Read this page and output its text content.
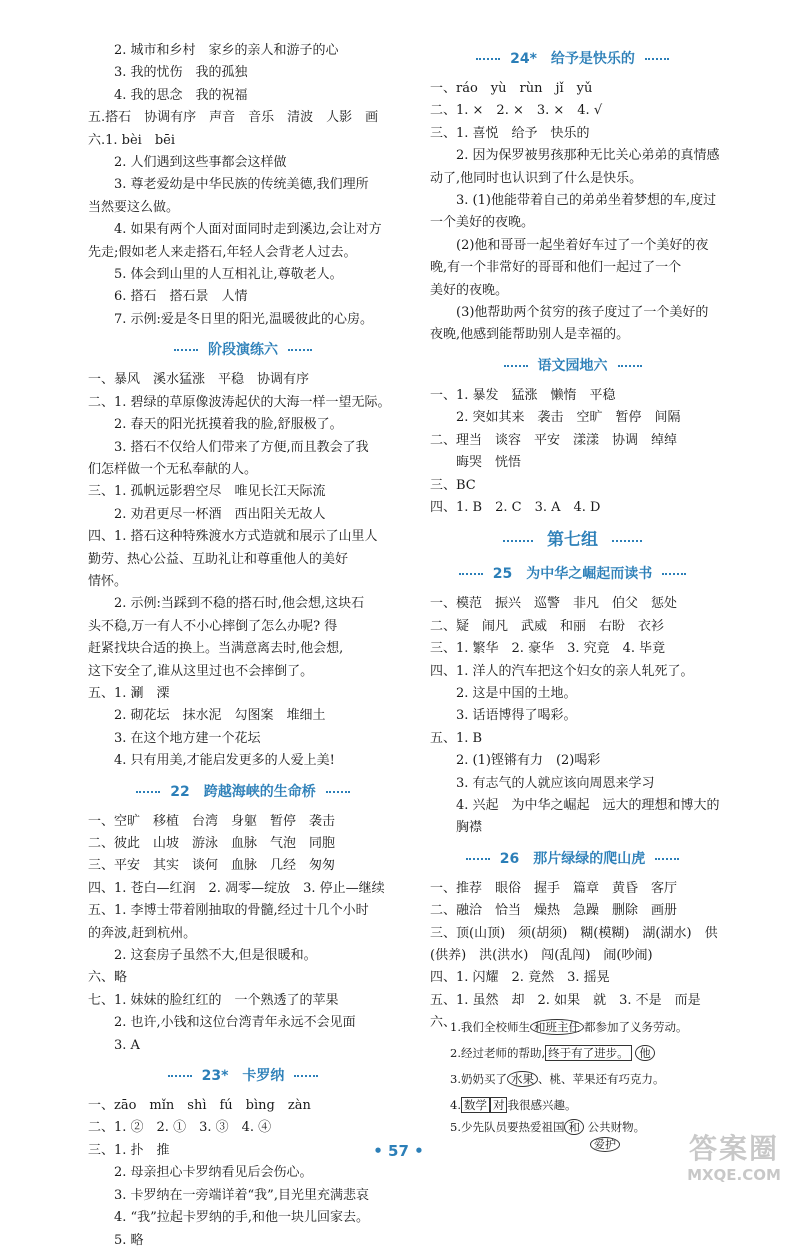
2. 城市和乡村　家乡的亲人和游子的心
3. 我的忧伤　我的孤独
4. 我的思念　我的祝福
五.搭石　协调有序　声音　音乐　清波　人影　画
六.1. bèi　bēi
2. 人们遇到这些事都会这样做
3. 尊老爱幼是中华民族的传统美德,我们理所
当然要这么做。
4. 如果有两个人面对面同时走到溪边,会让对方
先走;假如老人来走搭石,年轻人会背老人过去。
5. 体会到山里的人互相礼让,尊敬老人。
6. 搭石　搭石景　人情
7. 示例:爱是冬日里的阳光,温暖彼此的心房。
阶段演练六
一、暴风　溪水猛涨　平稳　协调有序
二、1. 碧绿的草原像波涛起伏的大海一样一望无际。
2. 春天的阳光抚摸着我的脸,舒服极了。
3. 搭石不仅给人们带来了方便,而且教会了我
们怎样做一个无私奉献的人。
三、1. 孤帆远影碧空尽　唯见长江天际流
2. 劝君更尽一杯酒　西出阳关无故人
四、1. 搭石这种特殊渡水方式造就和展示了山里人
勤劳、热心公益、互助礼让和尊重他人的美好
情怀。
2. 示例:当踩到不稳的搭石时,他会想,这块石
头不稳,万一有人不小心摔倒了怎么办呢? 得
赶紧找块合适的换上。当满意离去时,他会想,
这下安全了,谁从这里过也不会摔倒了。
五、1. 涮　溧
2. 砌花坛　抹水泥　勾图案　堆细土
3. 在这个地方建一个花坛
4. 只有用美,才能启发更多的人爱上美!
22　跨越海峡的生命桥
一、空旷　移植　台湾　身躯　暂停　袭击
二、彼此　山坡　游泳　血脉　气泡　同胞
三、平安　其实　谈何　血脉　几经　匆匆
四、1. 苍白—红润　2. 凋零—绽放　3. 停止—继续
五、1. 李博士带着刚抽取的骨髓,经过十几个小时
的奔波,赶到杭州。
2. 这套房子虽然不大,但是很暖和。
六、略
七、1. 妹妹的脸红红的　一个熟透了的苹果
2. 也许,小钱和这位台湾青年永远不会见面
3. A
23*　卡罗纳
一、zāo　mǐn　shì　fú　bìng　zàn
二、1. ②　2. ①　3. ③　4. ④
三、1. 扑　推
2. 母亲担心卡罗纳看见后会伤心。
3. 卡罗纳在一旁端详着“我”,目光里充满悲哀
4. “我”拉起卡罗纳的手,和他一块儿回家去。
5. 略
24*　给予是快乐的
一、ráo　yù　rùn　jǐ　yǔ
二、1. ×　2. ×　3. ×　4. √
三、1. 喜悦　给予　快乐的
2. 因为保罗被男孩那种无比关心弟弟的真情感
动了,他同时也认识到了什么是快乐。
3. (1)他能带着自己的弟弟坐着梦想的车,度过
一个美好的夜晚。
(2)他和哥哥一起坐着好车过了一个美好的夜
晚,有一个非常好的哥哥和他们一起过了一个
美好的夜晚。
(3)他帮助两个贫穷的孩子度过了一个美好的
夜晚,他感到能帮助别人是幸福的。
语文园地六
一、1. 暴发　猛涨　懒惰　平稳
2. 突如其来　袭击　空旷　暂停　间隔
二、理当　谈容　平安　漾漾　协调　绰绰
晦哭　恍悟
三、BC
四、1. B　2. C　3. A　4. D
第七组
25　为中华之崛起而读书
一、模范　振兴　巡警　非凡　伯父　惩处
二、疑　闹凡　武威　和丽　右盼　衣衫
三、1. 繁华　2. 豪华　3. 究竟　4. 毕竟
四、1. 洋人的汽车把这个妇女的亲人轧死了。
2. 这是中国的土地。
3. 话语博得了喝彩。
五、1. B
2. (1)铿锵有力　(2)喝彩
3. 有志气的人就应该向周恩来学习
4. 兴起　为中华之崛起　远大的理想和博大的
胸襟
26　那片绿绿的爬山虎
一、推荐　眼俗　握手　篇章　黄昏　客厅
二、融洽　恰当　燥热　急躁　删除　画册
三、顶(山顶)　须(胡须)　糊(模糊)　湖(湖水)　供
(供养)　洪(洪水)　闯(乱闯)　闹(吵闹)
四、1. 闪耀　2. 竟然　3. 摇晃
五、1. 虽然　却　2. 如果　就　3. 不是　而是
六、
1.我们全校师生 和班主任 都参加了义务劳动。
2.经过老师的帮助, 终于有了进步。 他
3.奶奶买了 水果 、桃、苹果还有巧克力。
4. 数学 对 我很感兴趣。
5.少先队员要热爱祖国 和 公共财物。
爱护
• 57 •	答案圈
MXQE.COM
